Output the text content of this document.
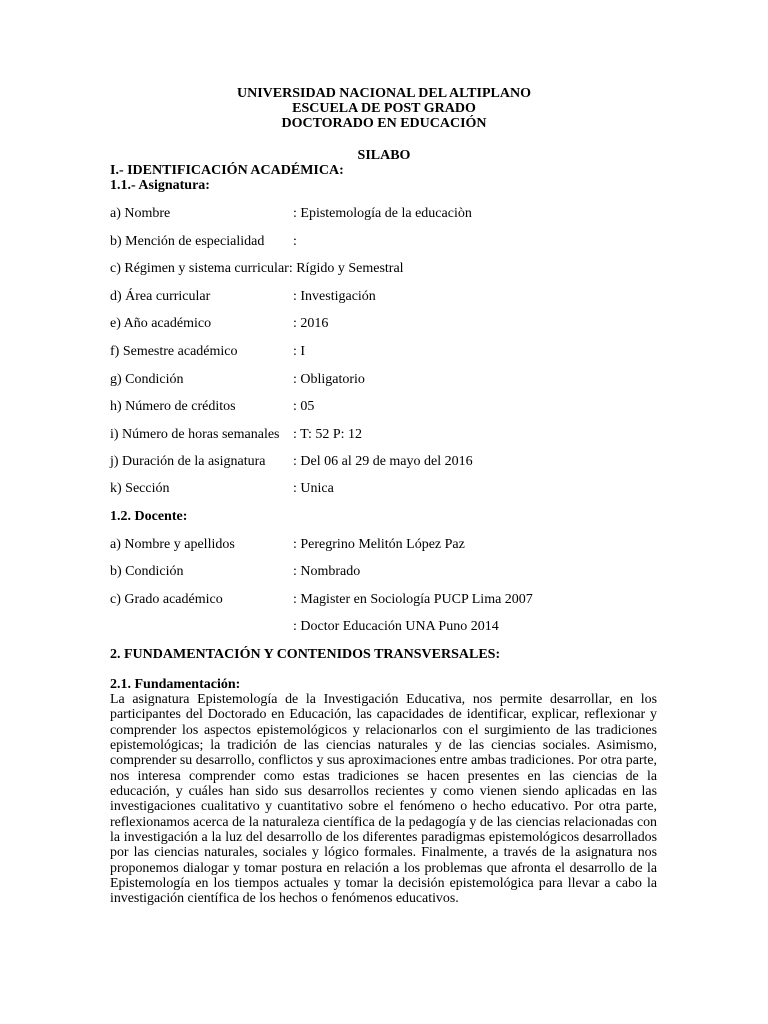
UNIVERSIDAD NACIONAL DEL ALTIPLANO
ESCUELA DE POST GRADO
DOCTORADO EN EDUCACIÓN
SILABO
I.- IDENTIFICACIÓN ACADÉMICA:
1.1.- Asignatura:
a) Nombre	: Epistemología de la educaciòn
b) Mención de especialidad :
c) Régimen y sistema curricular: Rígido y Semestral
d) Área curricular	: Investigación
e) Año académico	: 2016
f) Semestre académico	: I
g) Condición	: Obligatorio
h) Número de créditos	: 05
i) Número de horas semanales : T: 52 P: 12
j) Duración de la asignatura : Del 06 al 29 de mayo del 2016
k) Sección	: Unica
1.2. Docente:
a) Nombre y apellidos	: Peregrino Melitón López Paz
b) Condición	: Nombrado
c) Grado académico	: Magister en Sociología PUCP Lima 2007
: Doctor Educación UNA Puno 2014
2. FUNDAMENTACIÓN Y CONTENIDOS TRANSVERSALES:
2.1. Fundamentación:
La asignatura Epistemología de la Investigación Educativa, nos permite desarrollar, en los participantes del Doctorado en Educación, las capacidades de identificar, explicar, reflexionar y comprender los aspectos epistemológicos y relacionarlos con el surgimiento de las tradiciones epistemológicas; la tradición de las ciencias naturales y de las ciencias sociales. Asimismo, comprender su desarrollo, conflictos y sus aproximaciones entre ambas tradiciones. Por otra parte, nos interesa comprender como estas tradiciones se hacen presentes en las ciencias de la educación, y cuáles han sido sus desarrollos recientes y como vienen siendo aplicadas en las investigaciones cualitativo y cuantitativo sobre el fenómeno o hecho educativo. Por otra parte, reflexionamos acerca de la naturaleza científica de la pedagogía y de las ciencias relacionadas con la investigación a la luz del desarrollo de los diferentes paradigmas epistemológicos desarrollados por las ciencias naturales, sociales y lógico formales. Finalmente, a través de la asignatura nos proponemos dialogar y tomar postura en relación a los problemas que afronta el desarrollo de la Epistemología en los tiempos actuales y tomar la decisión epistemológica para llevar a cabo la investigación científica de los hechos o fenómenos educativos.
